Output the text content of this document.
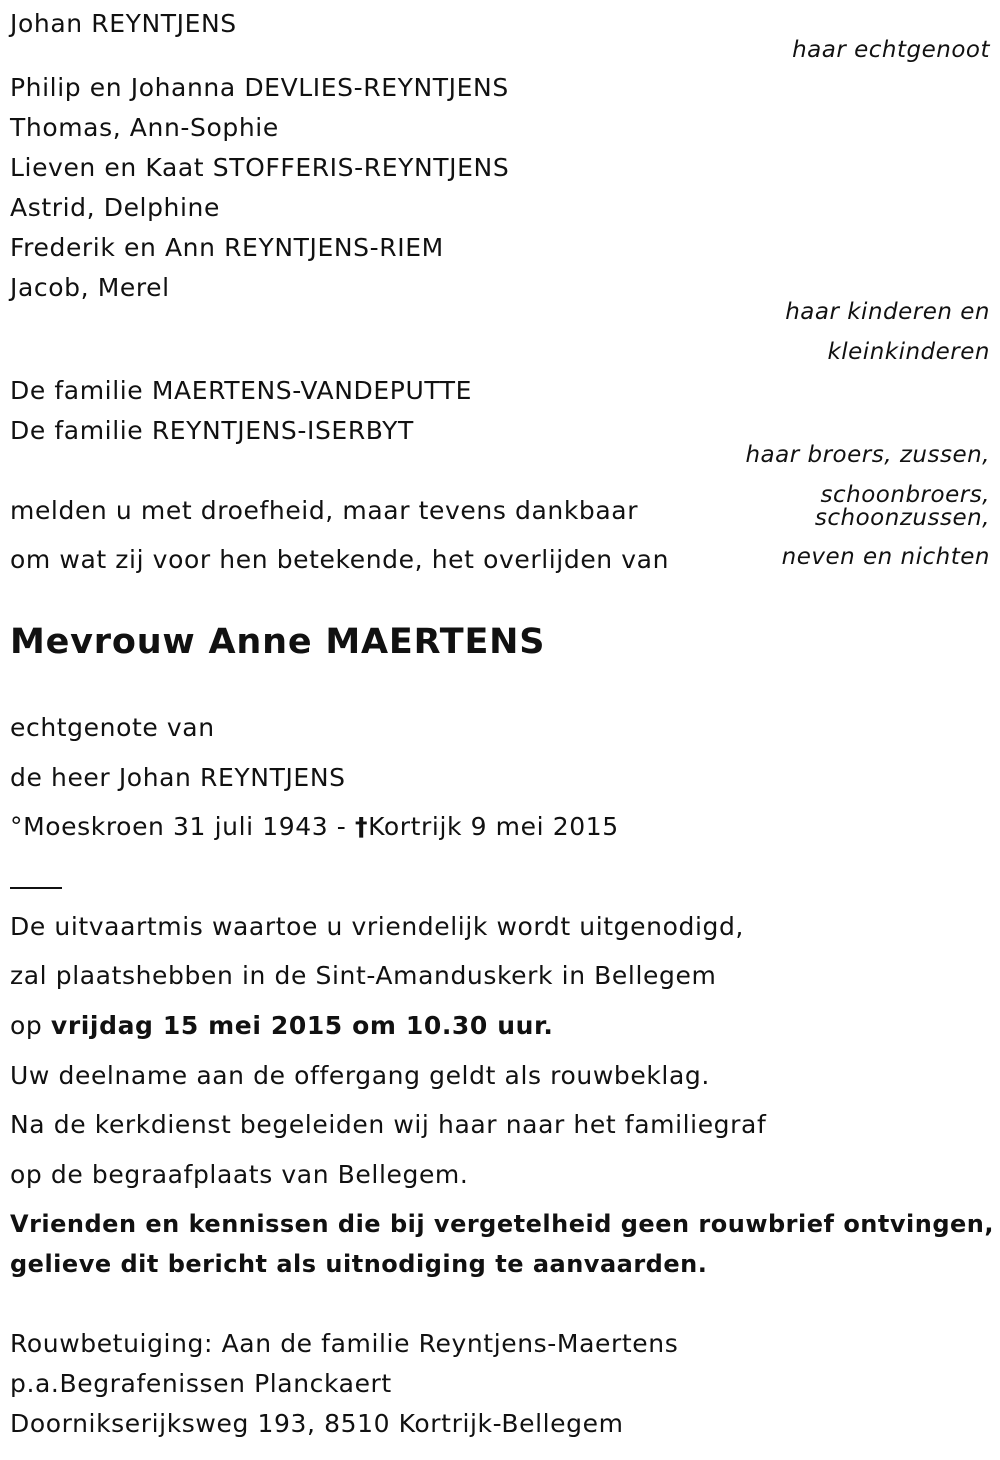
Johan REYNTJENS
Philip en Johanna DEVLIES-REYNTJENS
Thomas, Ann-Sophie
Lieven en Kaat STOFFERIS-REYNTJENS
Astrid, Delphine
Frederik en Ann REYNTJENS-RIEM
Jacob, Merel
De familie MAERTENS-VANDEPUTTE
De familie REYNTJENS-ISERBYT
haar echtgenoot
haar kinderen en
kleinkinderen
haar broers, zussen,
schoonbroers,
schoonzussen,
neven en nichten
melden u met droefheid, maar tevens dankbaar
om wat zij voor hen betekende, het overlijden van
Mevrouw Anne MAERTENS
echtgenote van
de heer Johan REYNTJENS
°Moeskroen 31 juli 1943 - †Kortrijk 9 mei 2015
De uitvaartmis waartoe u vriendelijk wordt uitgenodigd,
zal plaatshebben in de Sint-Amanduskerk in Bellegem
op vrijdag 15 mei 2015 om 10.30 uur.
Uw deelname aan de offergang geldt als rouwbeklag.
Na de kerkdienst begeleiden wij haar naar het familiegraf
op de begraafplaats van Bellegem.
Vrienden en kennissen die bij vergetelheid geen rouwbrief ontvingen,
gelieve dit bericht als uitnodiging te aanvaarden.
Rouwbetuiging: Aan de familie Reyntjens-Maertens
p.a.Begrafenissen Planckaert
Doornikserijksweg 193, 8510 Kortrijk-Bellegem
